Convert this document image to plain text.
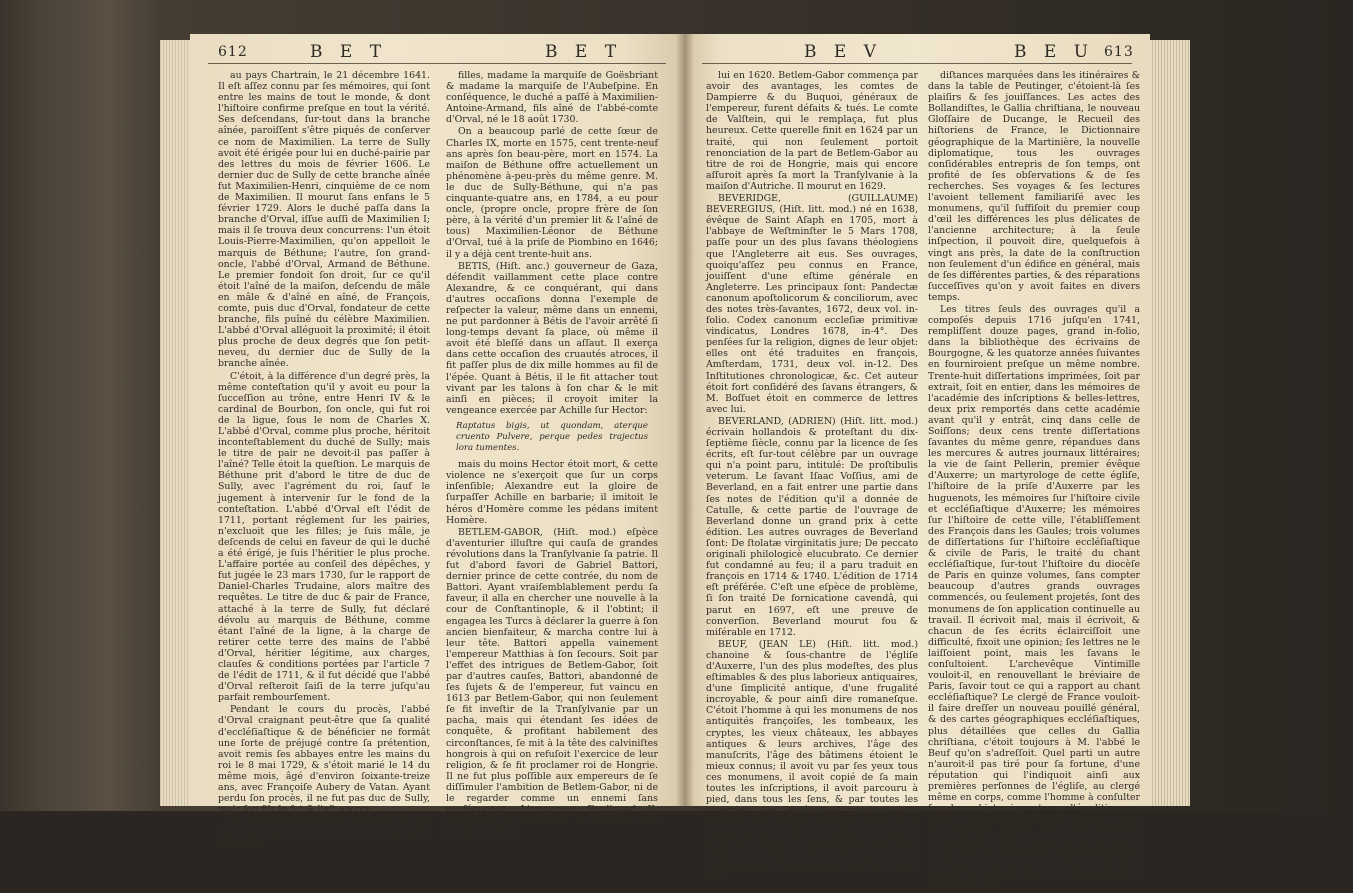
612	B E T	B E T

au pays Chartrain, le 21 décembre 1641. Il eſt aſſez connu par ſes mémoires, qui ſont entre les mains de tout le monde, & dont l'hiſtoire confirme preſque en tout la vérité. Ses deſcendans, ſur-tout dans la branche aînée, paroiſſent s'être piqués de conſerver ce nom de Maximilien. La terre de Sully avoit été érigée pour lui en duché-pairie par des lettres du mois de février 1606. Le dernier duc de Sully de cette branche aînée fut Maximilien-Henri, cinquième de ce nom de Maximilien. Il mourut ſans enfans le 5 février 1729. Alors le duché paſſa dans la branche d'Orval, iſſue auſſi de Maximilien I; mais il ſe trouva deux concurrens: l'un étoit Louis-Pierre-Maximilien, qu'on appelloit le marquis de Béthune; l'autre, ſon grand-oncle, l'abbé d'Orval, Armand de Béthune. Le premier fondoit ſon droit, ſur ce qu'il étoit l'aîné de la maiſon, deſcendu de mâle en mâle & d'aîné en aîné, de François, comte, puis duc d'Orval, fondateur de cette branche, fils puîné du célèbre Maximilien. L'abbé d'Orval alléguoit la proximité; il étoit plus proche de deux degrés que ſon petit-neveu, du dernier duc de Sully de la branche aînée.

C'étoit, à la différence d'un degré près, la même conteſtation qu'il y avoit eu pour la ſucceſſion au trône, entre Henri IV & le cardinal de Bourbon, ſon oncle, qui fut roi de la ligue, ſous le nom de Charles X. L'abbé d'Orval, comme plus proche, héritoit inconteſtablement du duché de Sully; mais le titre de pair ne devoit-il pas paſſer à l'aîné? Telle étoit la queſtion. Le marquis de Béthune prit d'abord le titre de duc de Sully, avec l'agrément du roi, ſauf le jugement à intervenir ſur le fond de la conteſtation. L'abbé d'Orval eſt l'édit de 1711, portant réglement ſur les pairies, n'excluoit que les filles; je ſuis mâle, je deſcends de celui en faveur de qui le duché a été érigé, je ſuis l'héritier le plus proche. L'affaire portée au conſeil des dépêches, y fut jugée le 23 mars 1730, ſur le rapport de Daniel-Charles Trudaine, alors maître des requêtes. Le titre de duc & pair de France, attaché à la terre de Sully, fut déclaré dévolu au marquis de Béthune, comme étant l'aîné de la ligne, à la charge de retirer cette terre des mains de l'abbé d'Orval, héritier légitime, aux charges, clauſes & conditions portées par l'article 7 de l'édit de 1711, & il fut décidé que l'abbé d'Orval reſteroit ſaiſi de la terre juſqu'au parfait rembourſement.

Pendant le cours du procès, l'abbé d'Orval craignant peut-être que ſa qualité d'eccléſiaſtique & de bénéficier ne formât une ſorte de préjugé contre ſa prétention, avoit remis ſes abbayes entre les mains du roi le 8 mai 1729, & s'étoit marié le 14 du même mois, âgé d'environ ſoixante-treize ans, avec Françoiſe Aubery de Vatan. Ayant perdu ſon procès, il ne fut pas duc de Sully, mais ſon fils le fut & l'eſt encore.

Le marquis de Béthune, déclaré duc de Sully par l'arrêt du 23 mars 1730, ne laiſſa que deux

filles, madame la marquiſe de Goësbriant & madame la marquiſe de l'Aubeſpine. En conſéquence, le duché a paſſé à Maximilien-Antoine-Armand, fils aîné de l'abbé-comte d'Orval, né le 18 août 1730.

On a beaucoup parlé de cette ſœur de Charles IX, morte en 1575, cent trente-neuf ans après ſon beau-père, mort en 1574. La maiſon de Béthune offre actuellement un phénomène à-peu-près du même genre. M. le duc de Sully-Béthune, qui n'a pas cinquante-quatre ans, en 1784, a eu pour oncle, (propre oncle, propre frère de ſon père, à la vérité d'un premier lit & l'aîné de tous) Maximilien-Léonor de Béthune d'Orval, tué à la priſe de Piombino en 1646; il y a déjà cent trente-huit ans.

BETIS, (Hiſt. anc.) gouverneur de Gaza, défendit vaillamment cette place contre Alexandre, & ce conquérant, qui dans d'autres occaſions donna l'exemple de reſpecter la valeur, même dans un ennemi, ne put pardonner à Bétis de l'avoir arrêté ſi long-temps devant ſa place, où même il avoit été bleſſé dans un aſſaut. Il exerça dans cette occaſion des cruautés atroces, il fit paſſer plus de dix mille hommes au fil de l'épée. Quant à Bétis, il le fit attacher tout vivant par les talons à ſon char & le mit ainſi en pièces; il croyoit imiter la vengeance exercée par Achille ſur Hector:

Raptatus bigis, ut quondam, aterque cruento Pulvere, perque pedes trajectus lora tumentes.

mais du moins Hector étoit mort, & cette violence ne s'exerçoit que ſur un corps inſenſible; Alexandre eut la gloire de ſurpaſſer Achille en barbarie; il imitoit le héros d'Homère comme les pédans imitent Homère.

BETLEM-GABOR, (Hiſt. mod.) eſpèce d'aventurier illuſtre qui cauſa de grandes révolutions dans la Tranſylvanie ſa patrie. Il fut d'abord favori de Gabriel Battori, dernier prince de cette contrée, du nom de Battori. Ayant vraiſemblablement perdu ſa faveur, il alla en chercher une nouvelle à la cour de Conſtantinople, & il l'obtint; il engagea les Turcs à déclarer la guerre à ſon ancien bienfaiteur, & marcha contre lui à leur tête. Battori appella vainement l'empereur Matthias à ſon ſecours. Soit par l'effet des intrigues de Betlem-Gabor, ſoit par d'autres cauſes, Battori, abandonné de ſes ſujets & de l'empereur, fut vaincu en 1613 par Betlem-Gabor, qui non ſeulement ſe fit inveſtir de la Tranſylvanie par un pacha, mais qui étendant ſes idées de conquête, & profitant habilement des circonſtances, ſe mit à la tête des calviniſtes hongrois à qui on refuſoit l'exercice de leur religion, & ſe fit proclamer roi de Hongrie. Il ne fut plus poſſible aux empereurs de ſe diſſimuler l'ambition de Betlem-Gabor, ni de le regarder comme un ennemi ſans conſéquence. L'empereur Ferdinand II, ſucceſſeur de Matthias, fit marcher des troupes contre

B E V	B E U 613

lui en 1620. Betlem-Gabor commença par avoir des avantages, les comtes de Dampierre & du Buquoi, généraux de l'empereur, furent défaits & tués. Le comte de Valſtein, qui le remplaça, fut plus heureux. Cette querelle finit en 1624 par un traité, qui non ſeulement portoit renonciation de la part de Betlem-Gabor au titre de roi de Hongrie, mais qui encore aſſuroit après ſa mort la Tranſylvanie à la maiſon d'Autriche. Il mourut en 1629.

BEVERIDGE, (GUILLAUME) BEVEREGIUS, (Hiſt. litt. mod.) né en 1638, évêque de Saint Aſaph en 1705, mort à l'abbaye de Weſtminſter le 5 Mars 1708, paſſe pour un des plus ſavans théologiens que l'Angleterre ait eus. Ses ouvrages, quoiqu'aſſez peu connus en France, jouiſſent d'une eſtime générale en Angleterre. Les principaux ſont: Pandectæ canonum apoſtolicorum & conciliorum, avec des notes très-ſavantes, 1672, deux vol. in-folio. Codex canonum eccleſiæ primitivæ vindicatus, Londres 1678, in-4°. Des penſées ſur la religion, dignes de leur objet: elles ont été traduites en françois, Amſterdam, 1731, deux vol. in-12. Des Inſtitutiones chronologicæ, &c. Cet auteur étoit fort conſidéré des ſavans étrangers, & M. Boſſuet étoit en commerce de lettres avec lui.

BEVERLAND, (ADRIEN) (Hiſt. litt. mod.) écrivain hollandois & proteſtant du dix-ſeptième ſiècle, connu par la licence de ſes écrits, eſt ſur-tout célèbre par un ouvrage qui n'a point paru, intitulé: De proſtibulis veterum. Le ſavant Iſaac Voſſius, ami de Beverland, en a fait entrer une partie dans ſes notes de l'édition qu'il a donnée de Catulle, & cette partie de l'ouvrage de Beverland donne un grand prix à cette édition. Les autres ouvrages de Beverland ſont: De ſtolatæ virginitatis jure; De peccato originali philologicè elucubrato. Ce dernier fut condamné au feu; il a paru traduit en françois en 1714 & 1740. L'édition de 1714 eſt préférée. C'eſt une eſpèce de problème, ſi ſon traité De fornicatione cavendâ, qui parut en 1697, eſt une preuve de converſion. Beverland mourut fou & miſérable en 1712.

BEUF, (JEAN LE) (Hiſt. litt. mod.) chanoine & ſous-chantre de l'égliſe d'Auxerre, l'un des plus modeſtes, des plus eſtimables & des plus laborieux antiquaires, d'une ſimplicité antique, d'une frugalité incroyable, & pour ainſi dire romaneſque. C'étoit l'homme à qui les monumens de nos antiquités françoiſes, les tombeaux, les cryptes, les vieux châteaux, les abbayes antiques & leurs archives, l'âge des manuſcrits, l'âge des bâtimens étoient le mieux connus; il avoit vu par ſes yeux tous ces monumens, il avoit copié de ſa main toutes les inſcriptions, il avoit parcouru à pied, dans tous les ſens, & par toutes les traverſes, les différentes provinces du royaume, portant par-tout l'inſtruction, & ſe faiſant de tout une inſtruction qui n'étoit qu'à ſon uſage; la découverte d'un fait, d'une date, d'une poſition géographique, la vérification ou la correction faite ſur le lieu, des

diſtances marquées dans les itinéraires & dans la table de Peutinger, c'étoient-là ſes plaiſirs & ſes jouiſſances. Les actes des Bollandiſtes, le Gallia chriſtiana, le nouveau Gloſſaire de Ducange, le Recueil des hiſtoriens de France, le Dictionnaire géographique de la Martinière, la nouvelle diplomatique, tous les ouvrages conſidérables entrepris de ſon temps, ont profité de ſes obſervations & de ſes recherches. Ses voyages & ſes lectures l'avoient tellement familiariſé avec les monumens, qu'il ſuffiſoit du premier coup d'œil les différences les plus délicates de l'ancienne architecture; à la ſeule inſpection, il pouvoit dire, quelquefois à vingt ans près, la date de la conſtruction non ſeulement d'un édifice en général, mais de ſes différentes parties, & des réparations ſucceſſives qu'on y avoit faites en divers temps.

Les titres ſeuls des ouvrages qu'il a compoſés depuis 1716 juſqu'en 1741, rempliſſent douze pages, grand in-folio, dans la bibliothèque des écrivains de Bourgogne, & les quatorze années ſuivantes en fourniroient preſque un même nombre. Trente-huit diſſertations imprimées, ſoit par extrait, ſoit en entier, dans les mémoires de l'académie des inſcriptions & belles-lettres, deux prix remportés dans cette académie avant qu'il y entrât, cinq dans celle de Soiſſons; deux cens trente diſſertations ſavantes du même genre, répandues dans les mercures & autres journaux littéraires; la vie de ſaint Pellerin, premier évêque d'Auxerre; un martyrologe de cette égliſe, l'hiſtoire de la priſe d'Auxerre par les huguenots, les mémoires ſur l'hiſtoire civile et eccléſiaſtique d'Auxerre; les mémoires ſur l'hiſtoire de cette ville, l'établiſſement des François dans les Gaules; trois volumes de diſſertations ſur l'hiſtoire eccléſiaſtique & civile de Paris, le traité du chant eccléſiaſtique, ſur-tout l'hiſtoire du diocèſe de Paris en quinze volumes, ſans compter beaucoup d'autres grands ouvrages commencés, ou ſeulement projetés, ſont des monumens de ſon application continuelle au travail. Il écrivoit mal, mais il écrivoit, & chacun de ſes écrits éclairciſſoit une difficulté, fixoit une opinion; ſes lettres ne le laiſſoient point, mais les ſavans le conſultoient. L'archevêque Vintimille vouloit-il, en renouvellant le bréviaire de Paris, ſavoir tout ce qui a rapport au chant eccléſiaſtique? Le clergé de France vouloit-il faire dreſſer un nouveau pouillé général, & des cartes géographiques eccléſiaſtiques, plus détaillées que celles du Gallia chriſtiana, c'étoit toujours à M. l'abbé le Beuf qu'on s'adreſſoit. Quel parti un autre n'auroit-il pas tiré pour ſa fortune, d'une réputation qui l'indiquoit ainſi aux premières perſonnes de l'égliſe, au clergé même en corps, comme l'homme à conſulter ſur les objets importans d'érudition ou même d'économie politique? l'abbé le Beuf ne demanda jamais rien, ſon canonicat d'Auxerre lui ſuffit, & quand il fut parvenu à la penſion de l'académie des belles-lettres, il réſigna ce canonicat à ſon frère. Il fut bien étonné de recevoir de M. le cardinal de la Rochefoucauld
